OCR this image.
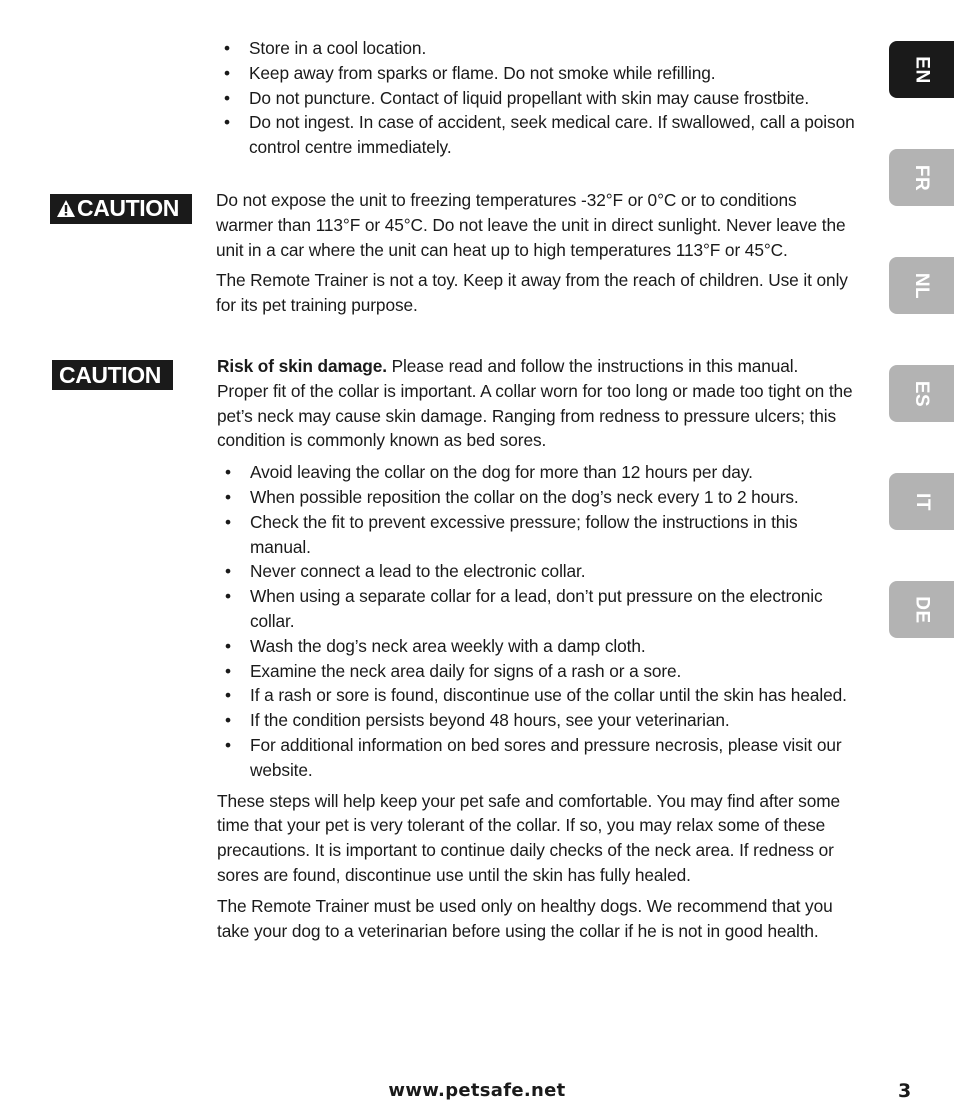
• Store in a cool location.
• Keep away from sparks or flame. Do not smoke while refilling.
• Do not puncture. Contact of liquid propellant with skin may cause frostbite.
• Do not ingest. In case of accident, seek medical care. If swallowed, call a poison control centre immediately.
CAUTION	Do not expose the unit to freezing temperatures -32°F or 0°C or to conditions warmer than 113°F or 45°C. Do not leave the unit in direct sunlight. Never leave the unit in a car where the unit can heat up to high temperatures 113°F or 45°C.

The Remote Trainer is not a toy. Keep it away from the reach of children. Use it only for its pet training purpose.

CAUTION	Risk of skin damage. Please read and follow the instructions in this manual. Proper fit of the collar is important. A collar worn for too long or made too tight on the pet’s neck may cause skin damage. Ranging from redness to pressure ulcers; this condition is commonly known as bed sores.

• Avoid leaving the collar on the dog for more than 12 hours per day.
• When possible reposition the collar on the dog’s neck every 1 to 2 hours.
• Check the fit to prevent excessive pressure; follow the instructions in this manual.
• Never connect a lead to the electronic collar.
• When using a separate collar for a lead, don’t put pressure on the electronic collar.
• Wash the dog’s neck area weekly with a damp cloth.
• Examine the neck area daily for signs of a rash or a sore.
• If a rash or sore is found, discontinue use of the collar until the skin has healed.
• If the condition persists beyond 48 hours, see your veterinarian.
• For additional information on bed sores and pressure necrosis, please visit our website.

These steps will help keep your pet safe and comfortable. You may find after some time that your pet is very tolerant of the collar. If so, you may relax some of these precautions. It is important to continue daily checks of the neck area. If redness or sores are found, discontinue use until the skin has fully healed.

The Remote Trainer must be used only on healthy dogs. We recommend that you take your dog to a veterinarian before using the collar if he is not in good health.

EN
FR
NL
ES
IT
DE
www.petsafe.net	3
